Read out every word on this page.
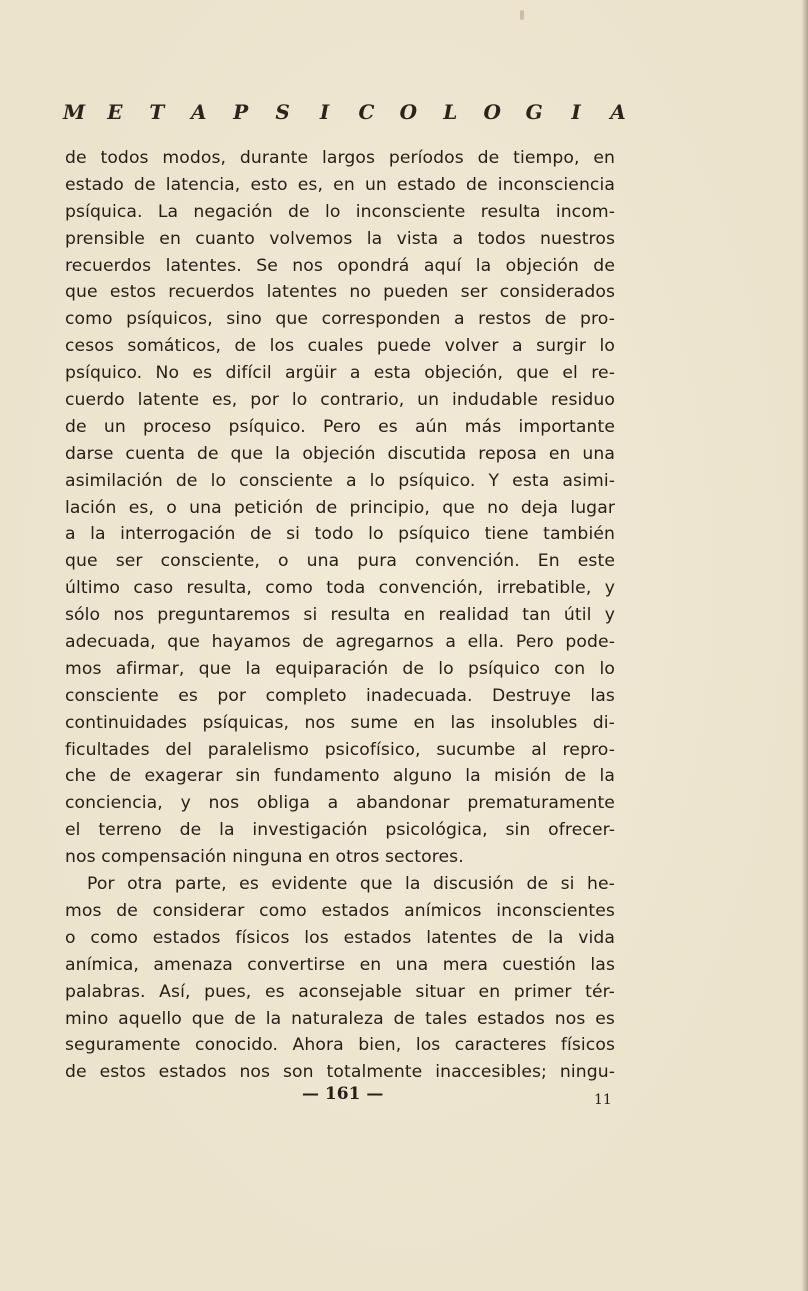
M E T A P S I C O L O G I A
de todos modos, durante largos períodos de tiempo, en
estado de latencia, esto es, en un estado de inconsciencia
psíquica. La negación de lo inconsciente resulta incom-
prensible en cuanto volvemos la vista a todos nuestros
recuerdos latentes. Se nos opondrá aquí la objeción de
que estos recuerdos latentes no pueden ser considerados
como psíquicos, sino que corresponden a restos de pro-
cesos somáticos, de los cuales puede volver a surgir lo
psíquico. No es difícil argüir a esta objeción, que el re-
cuerdo latente es, por lo contrario, un indudable residuo
de un proceso psíquico. Pero es aún más importante
darse cuenta de que la objeción discutida reposa en una
asimilación de lo consciente a lo psíquico. Y esta asimi-
lación es, o una petición de principio, que no deja lugar
a la interrogación de si todo lo psíquico tiene también
que ser consciente, o una pura convención. En este
último caso resulta, como toda convención, irrebatible, y
sólo nos preguntaremos si resulta en realidad tan útil y
adecuada, que hayamos de agregarnos a ella. Pero pode-
mos afirmar, que la equiparación de lo psíquico con lo
consciente es por completo inadecuada. Destruye las
continuidades psíquicas, nos sume en las insolubles di-
ficultades del paralelismo psicofísico, sucumbe al repro-
che de exagerar sin fundamento alguno la misión de la
conciencia, y nos obliga a abandonar prematuramente
el terreno de la investigación psicológica, sin ofrecer-
nos compensación ninguna en otros sectores.
Por otra parte, es evidente que la discusión de si he-
mos de considerar como estados anímicos inconscientes
o como estados físicos los estados latentes de la vida
anímica, amenaza convertirse en una mera cuestión las
palabras. Así, pues, es aconsejable situar en primer tér-
mino aquello que de la naturaleza de tales estados nos es
seguramente conocido. Ahora bien, los caracteres físicos
de estos estados nos son totalmente inaccesibles; ningu-
— 161 —	11
